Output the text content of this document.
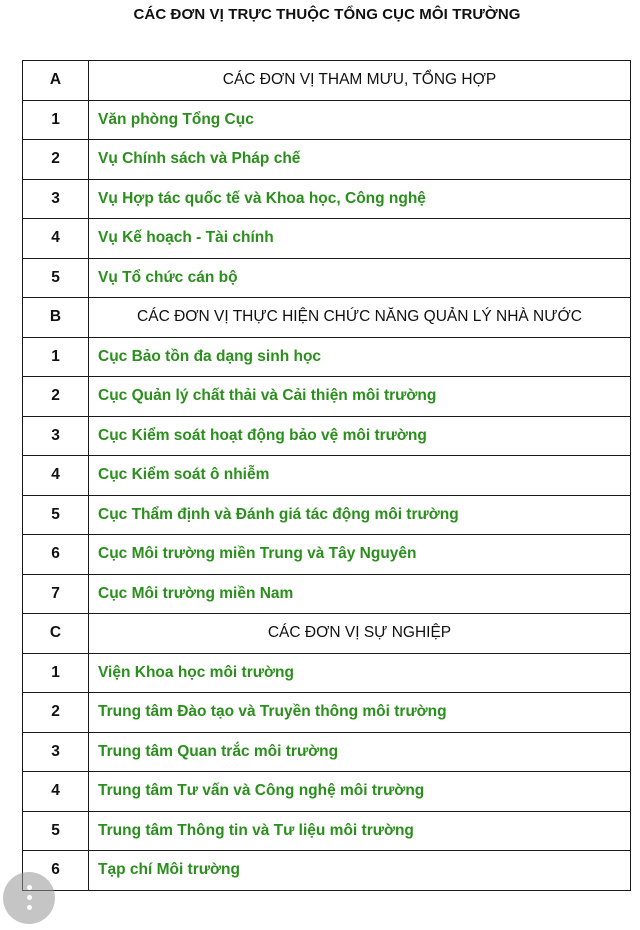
CÁC ĐƠN VỊ TRỰC THUỘC TỔNG CỤC MÔI TRƯỜNG
A	CÁC ĐƠN VỊ THAM MƯU, TỔNG HỢP
1	Văn phòng Tổng Cục
2	Vụ Chính sách và Pháp chế
3	Vụ Hợp tác quốc tế và Khoa học, Công nghệ
4	Vụ Kế hoạch - Tài chính
5	Vụ Tổ chức cán bộ
B	CÁC ĐƠN VỊ THỰC HIỆN CHỨC NĂNG QUẢN LÝ NHÀ NƯỚC
1	Cục Bảo tồn đa dạng sinh học
2	Cục Quản lý chất thải và Cải thiện môi trường
3	Cục Kiểm soát hoạt động bảo vệ môi trường
4	Cục Kiểm soát ô nhiễm
5	Cục Thẩm định và Đánh giá tác động môi trường
6	Cục Môi trường miền Trung và Tây Nguyên
7	Cục Môi trường miền Nam
C	CÁC ĐƠN VỊ SỰ NGHIỆP
1	Viện Khoa học môi trường
2	Trung tâm Đào tạo và Truyền thông môi trường
3	Trung tâm Quan trắc môi trường
4	Trung tâm Tư vấn và Công nghệ môi trường
5	Trung tâm Thông tin và Tư liệu môi trường
6	Tạp chí Môi trường
